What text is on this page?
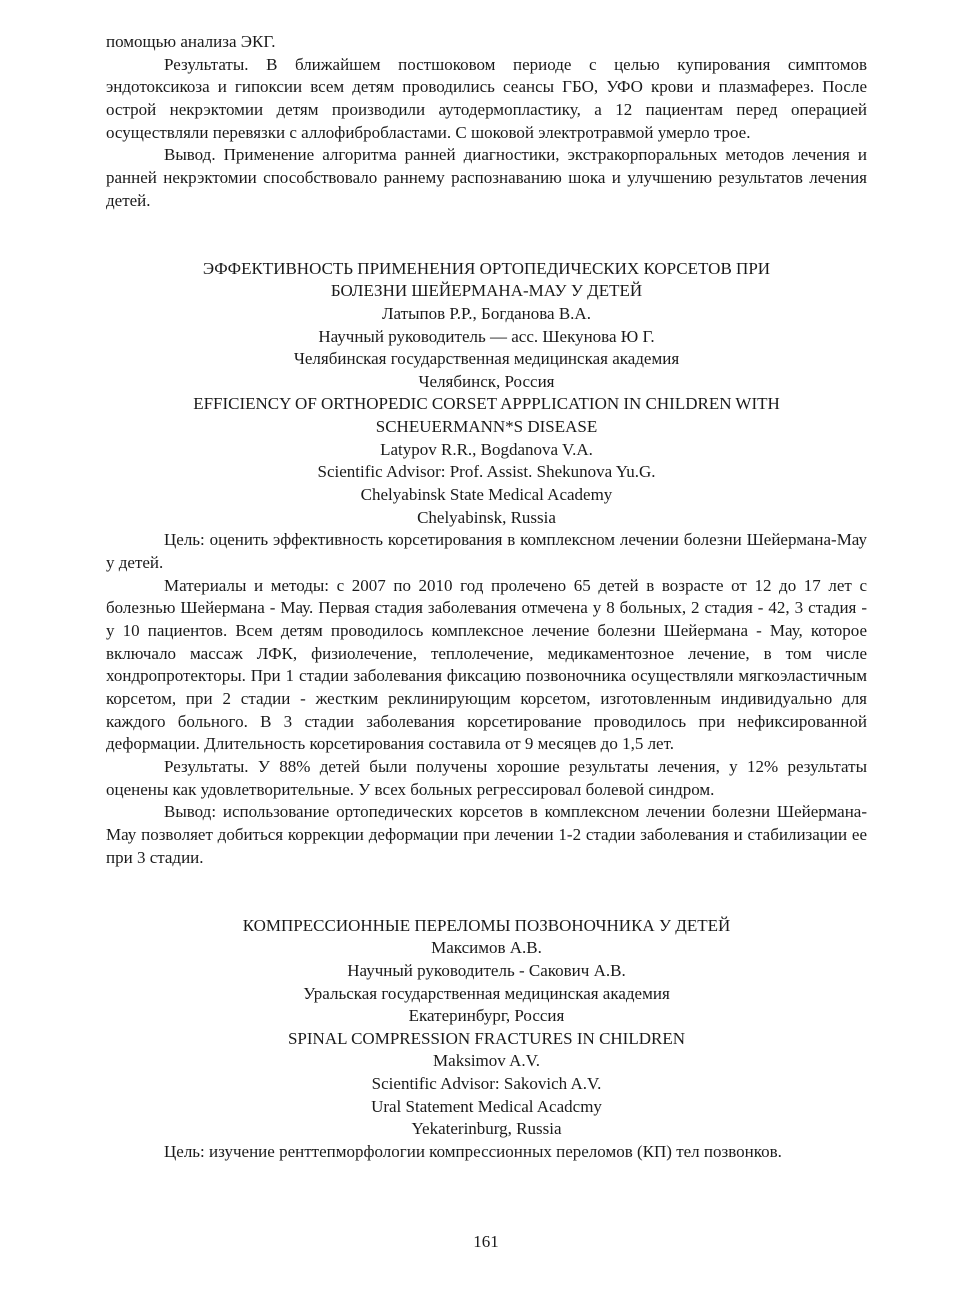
помощью анализа ЭКГ.

Результаты. В ближайшем постшоковом периоде с целью купирования симптомов эндотоксикоза и гипоксии всем детям проводились сеансы ГБО, УФО крови и плазмаферез. После острой некрэктомии детям производили аутодермопластику, а 12 пациентам перед операцией осуществляли перевязки с аллофибробластами. С шоковой электротравмой умерло трое.

Вывод. Применение алгоритма ранней диагностики, экстракорпоральных методов лечения и ранней некрэктомии способствовало раннему распознаванию шока и улучшению результатов лечения детей.

ЭФФЕКТИВНОСТЬ ПРИМЕНЕНИЯ ОРТОПЕДИЧЕСКИХ КОРСЕТОВ ПРИ

БОЛЕЗНИ ШЕЙЕРМАНА-МАУ У ДЕТЕЙ

Латыпов Р.Р., Богданова В.А.

Научный руководитель — асс. Шекунова Ю Г.

Челябинская государственная медицинская академия

Челябинск, Россия

EFFICIENCY OF ORTHOPEDIC CORSET APPPLICATION IN CHILDREN WITH

SCHEUERMANN*S DISEASE

Latypov R.R., Bogdanova V.A.

Scientific Advisor: Prof. Assist. Shekunova Yu.G.

Chelyabinsk State Medical Academy

Chelyabinsk, Russia

Цель: оценить эффективность корсетирования в комплексном лечении болезни Шейермана-Мау у детей.

Материалы и методы: с 2007 по 2010 год пролечено 65 детей в возрасте от 12 до 17 лет с болезнью Шейермана - Мау. Первая стадия заболевания отмечена у 8 больных, 2 стадия - 42, 3 стадия - у 10 пациентов. Всем детям проводилось комплексное лечение болезни Шейермана - Мау, которое включало массаж ЛФК, физиолечение, теплолечение, медикаментозное лечение, в том числе хондропротекторы. При 1 стадии заболевания фиксацию позвоночника осуществляли мягкоэластичным корсетом, при 2 стадии - жестким реклинирующим корсетом, изготовленным индивидуально для каждого больного. В 3 стадии заболевания корсетирование проводилось при нефиксированной деформации. Длительность корсетирования составила от 9 месяцев до 1,5 лет.

Результаты. У 88% детей были получены хорошие результаты лечения, у 12% результаты оценены как удовлетворительные. У всех больных регрессировал болевой синдром.

Вывод: использование ортопедических корсетов в комплексном лечении болезни Шейермана-Мау позволяет добиться коррекции деформации при лечении 1-2 стадии заболевания и стабилизации ее при 3 стадии.

КОМПРЕССИОННЫЕ ПЕРЕЛОМЫ ПОЗВОНОЧНИКА У ДЕТЕЙ

Максимов А.В.

Научный руководитель - Сакович А.В.

Уральская государственная медицинская академия

Екатеринбург, Россия

SPINAL COMPRESSION FRACTURES IN CHILDREN

Maksimov A.V.

Scientific Advisor: Sakovich A.V.

Ural Statement Medical Acadcmy

Yekaterinburg, Russia

Цель: изучение ренттепморфологии компрессионных переломов (КП) тел позвонков.

161
